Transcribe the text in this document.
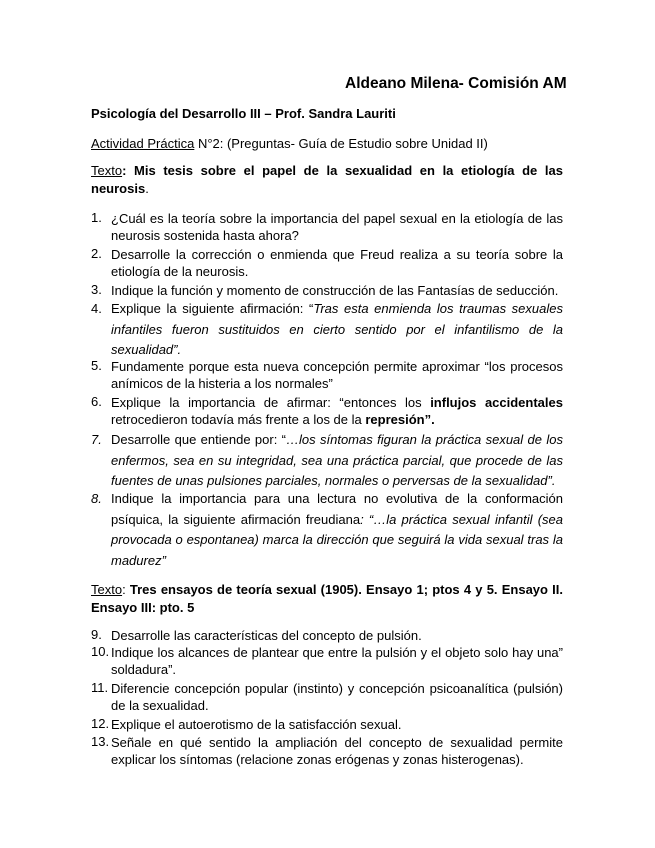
Aldeano Milena- Comisión AM
Psicología del Desarrollo III – Prof. Sandra Lauriti
Actividad Práctica N°2: (Preguntas- Guía de Estudio sobre Unidad II)
Texto: Mis tesis sobre el papel de la sexualidad en la etiología de las neurosis.
1. ¿Cuál es la teoría sobre la importancia del papel sexual en la etiología de las neurosis sostenida hasta ahora?
2. Desarrolle la corrección o enmienda que Freud realiza a su teoría sobre la etiología de la neurosis.
3. Indique la función y momento de construcción de las Fantasías de seducción.
4. Explique la siguiente afirmación: “Tras esta enmienda los traumas sexuales infantiles fueron sustituidos en cierto sentido por el infantilismo de la sexualidad”.
5. Fundamente porque esta nueva concepción permite aproximar “los procesos anímicos de la histeria a los normales”
6. Explique la importancia de afirmar: “entonces los influjos accidentales retrocedieron todavía más frente a los de la represión”.
7. Desarrolle que entiende por: “…los síntomas figuran la práctica sexual de los enfermos, sea en su integridad, sea una práctica parcial, que procede de las fuentes de unas pulsiones parciales, normales o perversas de la sexualidad”.
8. Indique la importancia para una lectura no evolutiva de la conformación psíquica, la siguiente afirmación freudiana: “…la práctica sexual infantil (sea provocada o espontanea) marca la dirección que seguirá la vida sexual tras la madurez”
Texto: Tres ensayos de teoría sexual (1905). Ensayo 1; ptos 4 y 5. Ensayo II. Ensayo III: pto. 5
9. Desarrolle las características del concepto de pulsión.
10. Indique los alcances de plantear que entre la pulsión y el objeto solo hay una” soldadura”.
11. Diferencie concepción popular (instinto) y concepción psicoanalítica (pulsión) de la sexualidad.
12. Explique el autoerotismo de la satisfacción sexual.
13. Señale en qué sentido la ampliación del concepto de sexualidad permite explicar los síntomas (relacione zonas erógenas y zonas histerogenas).
